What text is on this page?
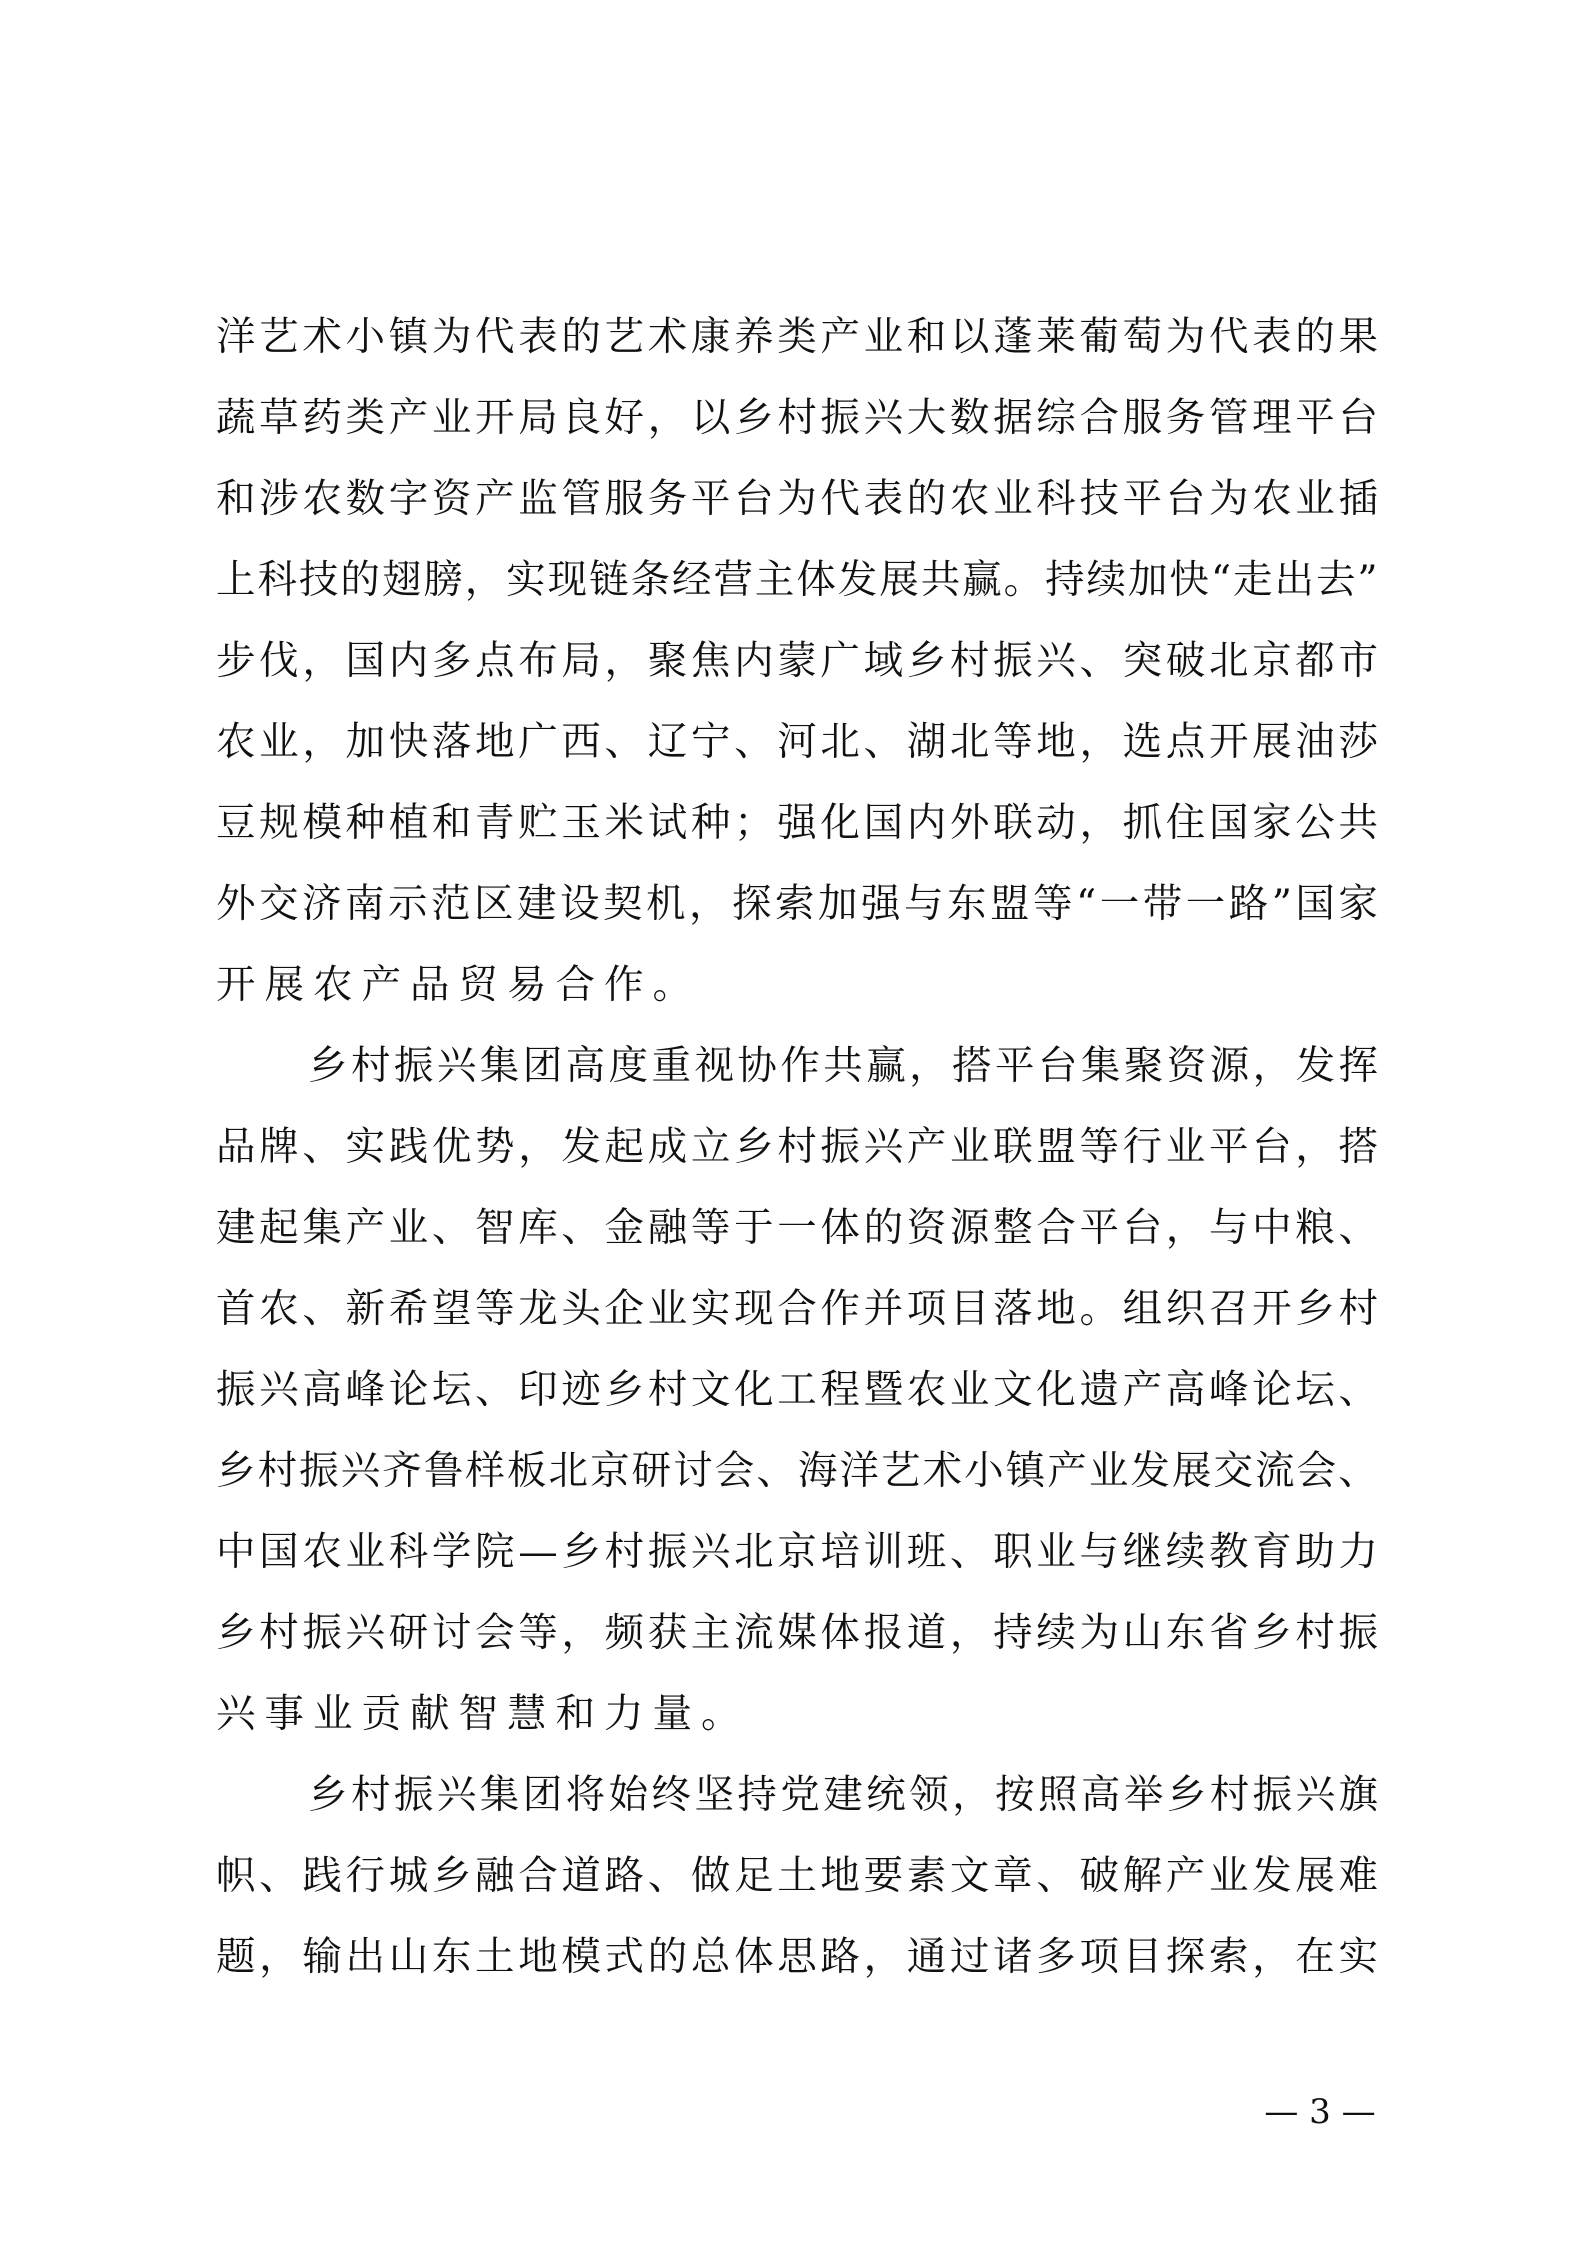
洋 艺 术 小 镇 为 代 表 的 艺 术 康 养 类 产 业 和 以 蓬 莱 葡 萄 为 代 表 的 果
蔬 草 药 类 产 业 开 局 良 好 ， 以 乡 村 振 兴 大 数 据 综 合 服 务 管 理 平 台
和 涉 农 数 字 资 产 监 管 服 务 平 台 为 代 表 的 农 业 科 技 平 台 为 农 业 插
上 科 技 的 翅 膀 ， 实 现 链 条 经 营 主 体 发 展 共 赢 。 持 续 加 快 “ 走 出 去 ”
步 伐 ， 国 内 多 点 布 局 ， 聚 焦 内 蒙 广 域 乡 村 振 兴 、 突 破 北 京 都 市
农 业 ， 加 快 落 地 广 西 、 辽 宁 、 河 北 、 湖 北 等 地 ， 选 点 开 展 油 莎
豆 规 模 种 植 和 青 贮 玉 米 试 种 ； 强 化 国 内 外 联 动 ， 抓 住 国 家 公 共
外 交 济 南 示 范 区 建 设 契 机 ， 探 索 加 强 与 东 盟 等 “ 一 带 一 路 ” 国 家
开展农产品贸易合作。
乡 村 振 兴 集 团 高 度 重 视 协 作 共 赢 ， 搭 平 台 集 聚 资 源 ， 发 挥
品 牌 、 实 践 优 势 ， 发 起 成 立 乡 村 振 兴 产 业 联 盟 等 行 业 平 台 ， 搭
建 起 集 产 业 、 智 库 、 金 融 等 于 一 体 的 资 源 整 合 平 台 ， 与 中 粮 、
首 农 、 新 希 望 等 龙 头 企 业 实 现 合 作 并 项 目 落 地 。 组 织 召 开 乡 村
振 兴 高 峰 论 坛 、 印 迹 乡 村 文 化 工 程 暨 农 业 文 化 遗 产 高 峰 论 坛 、
乡 村 振 兴 齐 鲁 样 板 北 京 研 讨 会 、 海 洋 艺 术 小 镇 产 业 发 展 交 流 会 、
中 国 农 业 科 学 院 — 乡 村 振 兴 北 京 培 训 班 、 职 业 与 继 续 教 育 助 力
乡 村 振 兴 研 讨 会 等 ， 频 获 主 流 媒 体 报 道 ， 持 续 为 山 东 省 乡 村 振
兴事业贡献智慧和力量。
乡 村 振 兴 集 团 将 始 终 坚 持 党 建 统 领 ， 按 照 高 举 乡 村 振 兴 旗
帜 、 践 行 城 乡 融 合 道 路 、 做 足 土 地 要 素 文 章 、 破 解 产 业 发 展 难
题 ， 输 出 山 东 土 地 模 式 的 总 体 思 路 ， 通 过 诸 多 项 目 探 索 ， 在 实
— 3 —
